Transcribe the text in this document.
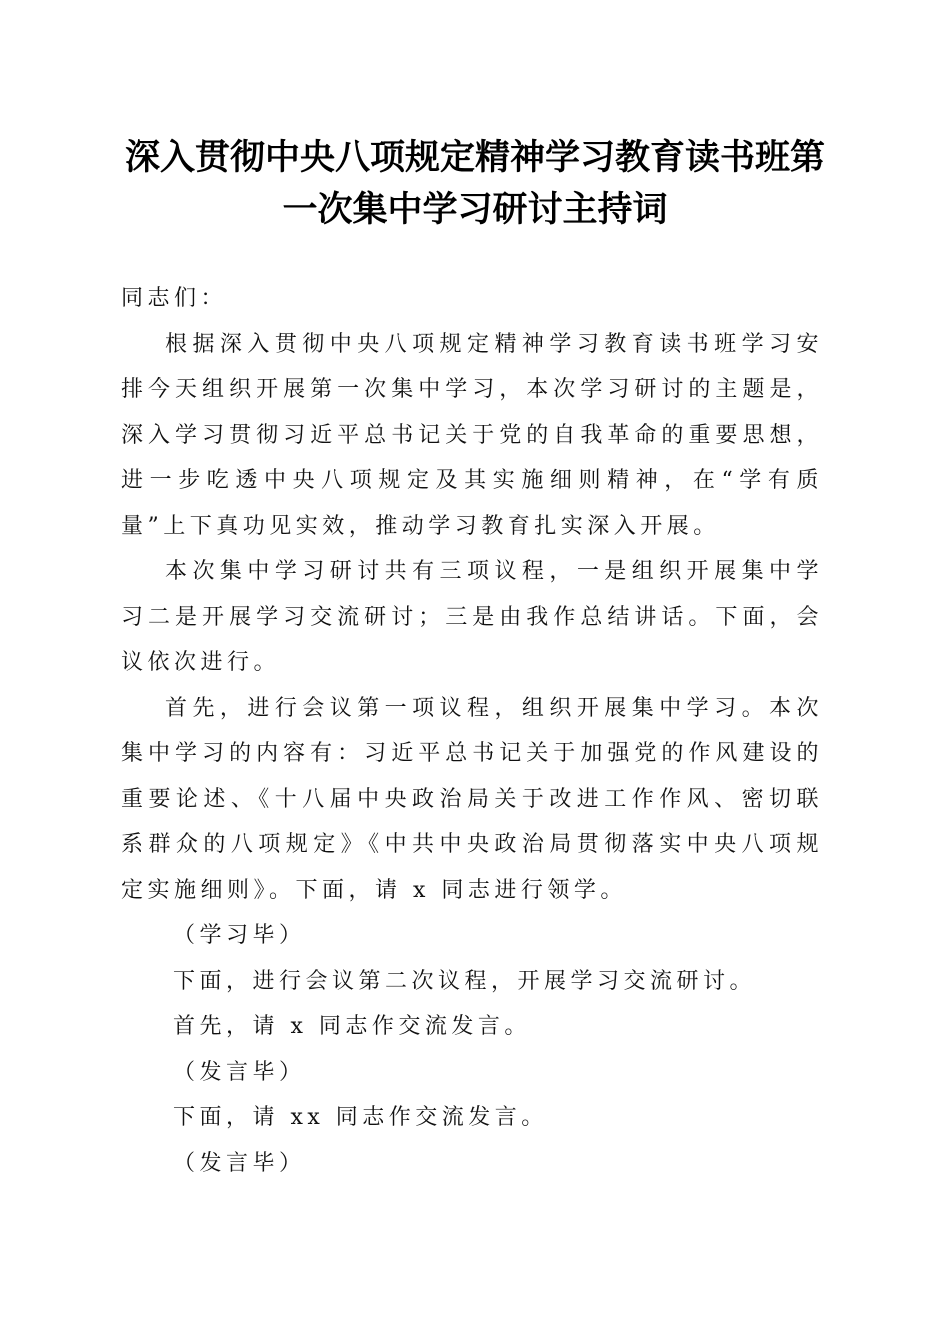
深入贯彻中央八项规定精神学习教育读书班第
一次集中学习研讨主持词

同志们：

根据深入贯彻中央八项规定精神学习教育读书班学习安排今天组织开展第一次集中学习，本次学习研讨的主题是，深入学习贯彻习近平总书记关于党的自我革命的重要思想，进一步吃透中央八项规定及其实施细则精神，在“学有质量”上下真功见实效，推动学习教育扎实深入开展。

本次集中学习研讨共有三项议程，一是组织开展集中学习二是开展学习交流研讨；三是由我作总结讲话。下面，会议依次进行。

首先，进行会议第一项议程，组织开展集中学习。本次集中学习的内容有：习近平总书记关于加强党的作风建设的重要论述、《十八届中央政治局关于改进工作作风、密切联系群众的八项规定》《中共中央政治局贯彻落实中央八项规定实施细则》。下面，请 x 同志进行领学。

（学习毕）

下面，进行会议第二次议程，开展学习交流研讨。

首先，请 x 同志作交流发言。

（发言毕）

下面，请 xx 同志作交流发言。

（发言毕）
